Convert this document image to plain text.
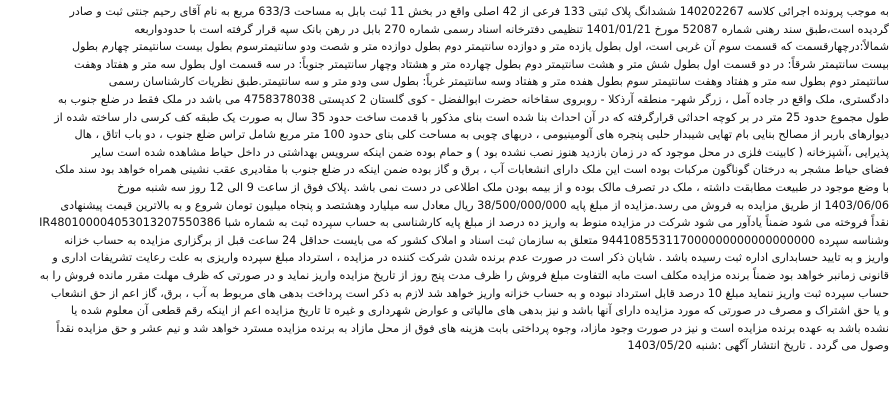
به موجب پرونده اجرائی کلاسه 140202267 ششدانگ پلاک ثبتی 133 فرعی از 42 اصلی واقع در بخش 11 ثبت بابل به مساحت 633/3 مربع به نام آقای رحیم جنتی ثبت و صادر
گردیده است،طبق سند رهنی شماره 52087 مورخ 1401/01/21 تنظیمی دفترخانه اسناد رسمی شماره 270 بابل در رهن بانک سپه قرار گرفته است با حدودواربعه
شمالاً:درچهارقسمت که قسمت سوم آن غربی است، اول بطول یازده متر و دوازده سانتیمتر دوم بطول دوازده متر و شصت ودو سانتیمترسوم بطول بیست سانتیمتر چهارم بطول
بیست سانتیمتر شرقاً: در دو قسمت اول بطول شش متر و هشت سانتیمتر دوم بطول چهارده متر و هشتاد وچهار سانتیمتر جنوباً: در سه قسمت اول بطول سه متر و هفتاد وهفت
سانتیمتر دوم بطول سه متر و هفتاد وهفت سانتیمتر سوم بطول هفده متر و هفتاد وسه سانتیمتر غرباً: بطول سی ودو متر و سه سانتیمتر.طبق نظریات کارشناسان رسمی
دادگستری، ملک واقع در جاده آمل ، زرگر شهر- منطقه آرذکلا - روبروی سقاخانه حضرت ابوالفضل - کوی گلستان 2 کدپستی 4758378038 می باشد در ملک فقط در ضلع جنوب به
طول مجموع حدود 25 متر در بر کوچه احداثی قرارگرفته که در آن احداث بنا شده است بنای مذکور با قدمت ساخت حدود 35 سال به صورت یک طبقه کف کرسی دار ساخته شده از
دیوارهای باربر از مصالح بنایی بام تهایی شیبدار حلبی پنجره های آلومینیومی ، دربهای چوبی به مساحت کلی بنای حدود 100 متر مربع شامل تراس ضلع جنوب ، دو باب اتاق ، هال
پذیرایی ،آشپزخانه ( کابینت فلزی در محل موجود که در زمان بازدید هنوز نصب نشده بود ) و حمام بوده ضمن اینکه سرویس بهداشتی در داخل حیاط مشاهده شده است سایر
فضای حیاط مشجر به درختان گوناگون مرکبات بوده است این ملک دارای انشعابات آب ، برق و گاز بوده ضمن اینکه در ضلع جنوب با مقادیری عقب نشینی همراه خواهد بود سند ملک
با وضع موجود در طبیعت مطابقت داشته ، ملک در تصرف مالک بوده و از بیمه بودن ملک اطلاعی در دست نمی باشد .پلاک فوق از ساعت 9 الی 12 روز سه شنبه مورخ
1403/06/06 از طریق مزایده به فروش می رسد.مزایده از مبلغ پایه 38/500/000/000 ریال معادل سه میلیارد وهشتصد و پنجاه میلیون تومان شروع و به بالاترین قیمت پیشنهادی
نقداً فروخته می شود ضمناً یادآور می شود شرکت در مزایده منوط به واریز ده درصد از مبلغ پایه کارشناسی به حساب سپرده ثبت به شماره شبا IR480100004053013207550386
وشناسه سپرده 944108553117000000000000000000 متعلق به سازمان ثبت اسناد و املاک کشور که می بایست حداقل 24 ساعت قبل از برگزاری مزایده به حساب خزانه
واریز و به تایید حسابداری اداره ثبت رسیده باشد . شایان ذکر است در صورت عدم برنده شدن شرکت کننده در مزایده ، استرداد مبلغ سپرده واریزی به علت رعایت تشریفات اداری و
قانونی زمانبر خواهد بود ضمناً برنده مزایده مکلف است مابه التفاوت مبلغ فروش را ظرف مدت پنج روز از تاریخ مزایده واریز نماید و در صورتی که ظرف مهلت مقرر مانده فروش را به
حساب سپرده ثبت واریز ننماید مبلغ 10 درصد قابل استرداد نبوده و به حساب خزانه واریز خواهد شد لازم به ذکر است پرداخت بدهی های مربوط به آب ، برق، گاز اعم از حق انشعاب
و یا حق اشتراک و مصرف در صورتی که مورد مزایده دارای آنها باشد و نیز بدهی های مالیاتی و عوارض شهرداری و غیره تا تاریخ مزایده اعم از اینکه رقم قطعی آن معلوم شده یا
نشده باشد به عهده برنده مزایده است و نیز در صورت وجود مازاد، وجوه پرداختی بابت هزینه های فوق از محل مازاد به برنده مزایده مسترد خواهد شد و نیم عشر و حق مزایده نقداً
وصول می گردد . تاریخ انتشار آگهی :شنبه 1403/05/20
